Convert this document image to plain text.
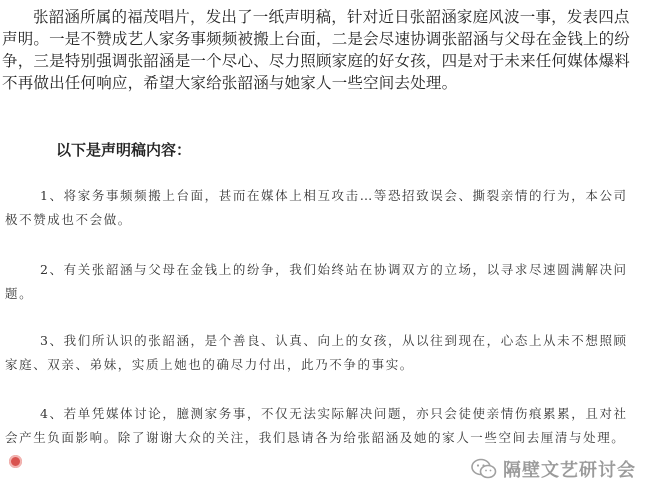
张韶涵所属的福茂唱片，发出了一纸声明稿，针对近日张韶涵家庭风波一事，发表四点声明。一是不赞成艺人家务事频频被搬上台面，二是会尽速协调张韶涵与父母在金钱上的纷争，三是特别强调张韶涵是一个尽心、尽力照顾家庭的好女孩，四是对于未来任何媒体爆料不再做出任何响应，希望大家给张韶涵与她家人一些空间去处理。

以下是声明稿内容：

1、将家务事频频搬上台面，甚而在媒体上相互攻击…等恐招致误会、撕裂亲情的行为，本公司极不赞成也不会做。

2、有关张韶涵与父母在金钱上的纷争，我们始终站在协调双方的立场，以寻求尽速圆满解决问题。

3、我们所认识的张韶涵，是个善良、认真、向上的女孩，从以往到现在，心态上从未不想照顾家庭、双亲、弟妹，实质上她也的确尽力付出，此乃不争的事实。

4、若单凭媒体讨论，臆测家务事，不仅无法实际解决问题，亦只会徒使亲情伤痕累累，且对社会产生负面影响。除了谢谢大众的关注，我们恳请各为给张韶涵及她的家人一些空间去厘清与处理。

隔壁文艺研讨会
